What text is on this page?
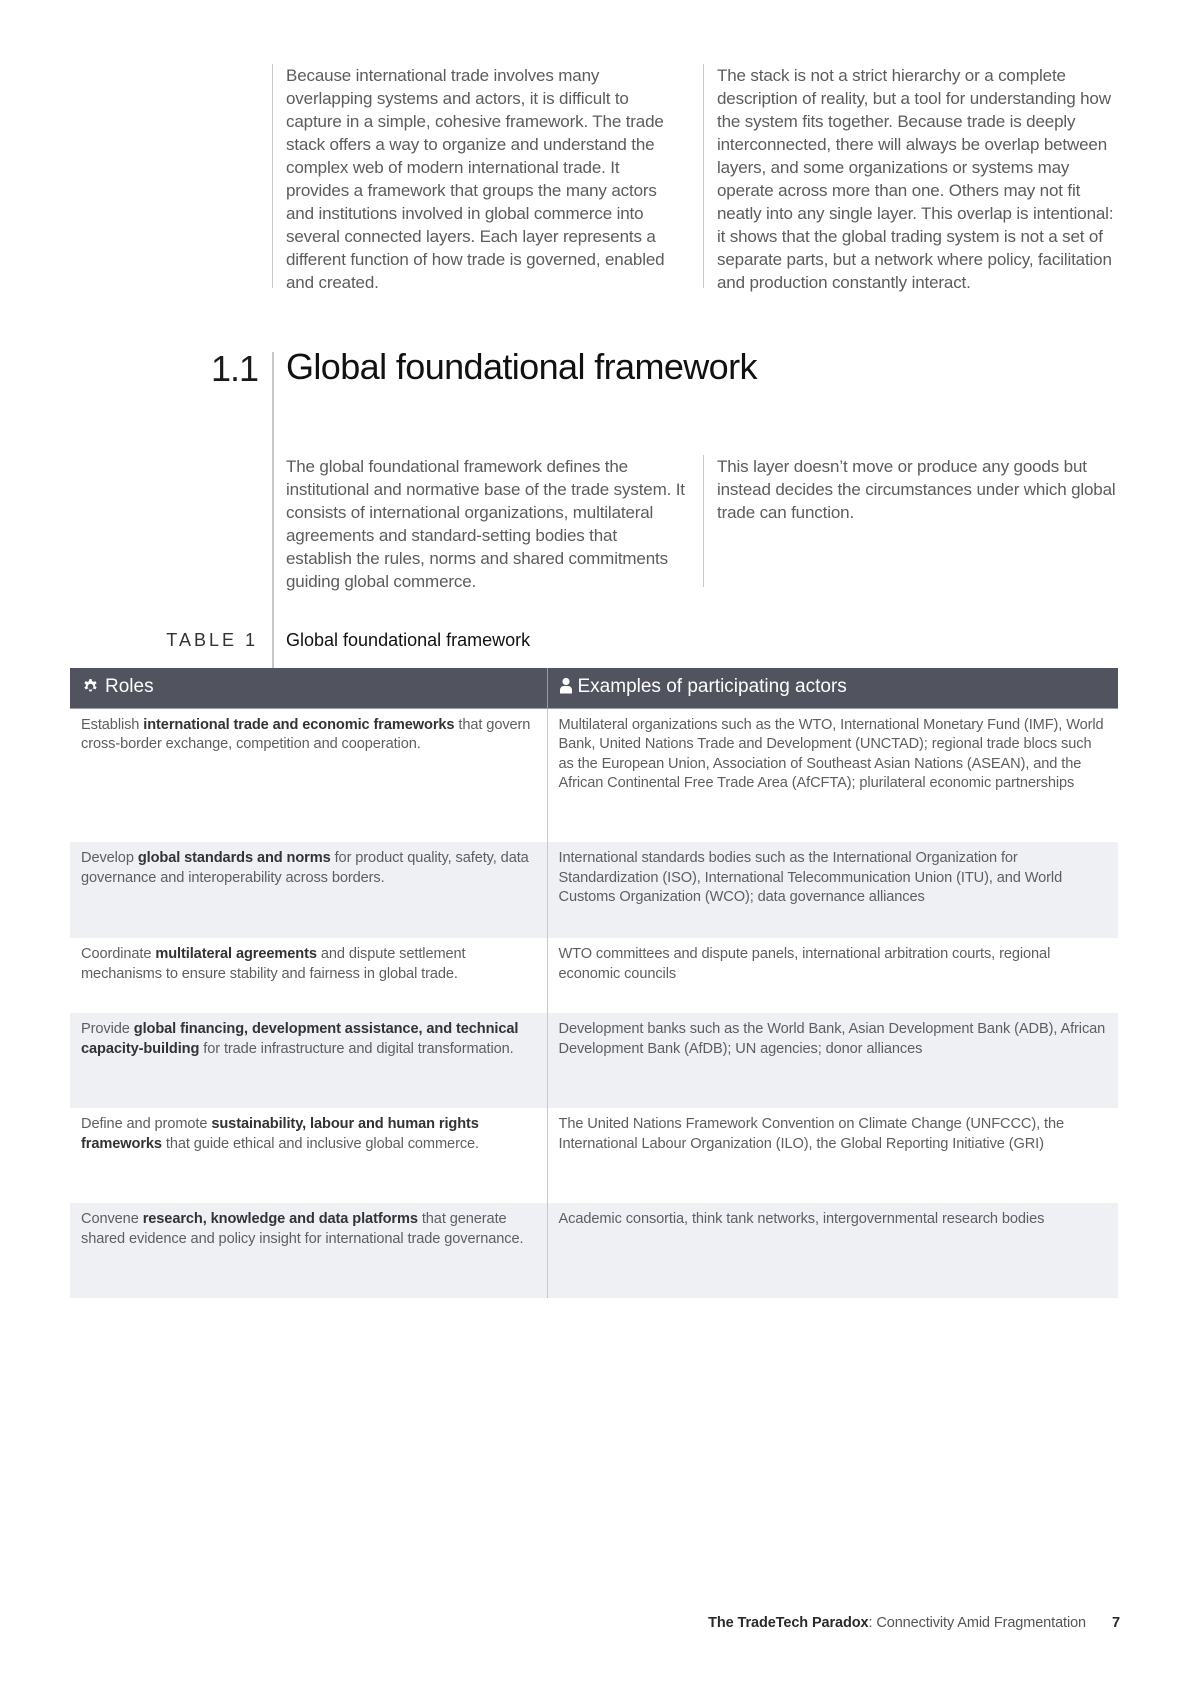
Because international trade involves many overlapping systems and actors, it is difficult to capture in a simple, cohesive framework. The trade stack offers a way to organize and understand the complex web of modern international trade. It provides a framework that groups the many actors and institutions involved in global commerce into several connected layers. Each layer represents a different function of how trade is governed, enabled and created.
The stack is not a strict hierarchy or a complete description of reality, but a tool for understanding how the system fits together. Because trade is deeply interconnected, there will always be overlap between layers, and some organizations or systems may operate across more than one. Others may not fit neatly into any single layer. This overlap is intentional: it shows that the global trading system is not a set of separate parts, but a network where policy, facilitation and production constantly interact.
1.1 Global foundational framework
The global foundational framework defines the institutional and normative base of the trade system. It consists of international organizations, multilateral agreements and standard-setting bodies that establish the rules, norms and shared commitments guiding global commerce.
This layer doesn’t move or produce any goods but instead decides the circumstances under which global trade can function.
TABLE 1 Global foundational framework
Roles	Examples of participating actors
Establish international trade and economic frameworks that govern cross-border exchange, competition and cooperation.	Multilateral organizations such as the WTO, International Monetary Fund (IMF), World Bank, United Nations Trade and Development (UNCTAD); regional trade blocs such as the European Union, Association of Southeast Asian Nations (ASEAN), and the African Continental Free Trade Area (AfCFTA); plurilateral economic partnerships
Develop global standards and norms for product quality, safety, data governance and interoperability across borders.	International standards bodies such as the International Organization for Standardization (ISO), International Telecommunication Union (ITU), and World Customs Organization (WCO); data governance alliances
Coordinate multilateral agreements and dispute settlement mechanisms to ensure stability and fairness in global trade.	WTO committees and dispute panels, international arbitration courts, regional economic councils
Provide global financing, development assistance, and technical capacity-building for trade infrastructure and digital transformation.	Development banks such as the World Bank, Asian Development Bank (ADB), African Development Bank (AfDB); UN agencies; donor alliances
Define and promote sustainability, labour and human rights frameworks that guide ethical and inclusive global commerce.	The United Nations Framework Convention on Climate Change (UNFCCC), the International Labour Organization (ILO), the Global Reporting Initiative (GRI)
Convene research, knowledge and data platforms that generate shared evidence and policy insight for international trade governance.	Academic consortia, think tank networks, intergovernmental research bodies
The TradeTech Paradox: Connectivity Amid Fragmentation 7
